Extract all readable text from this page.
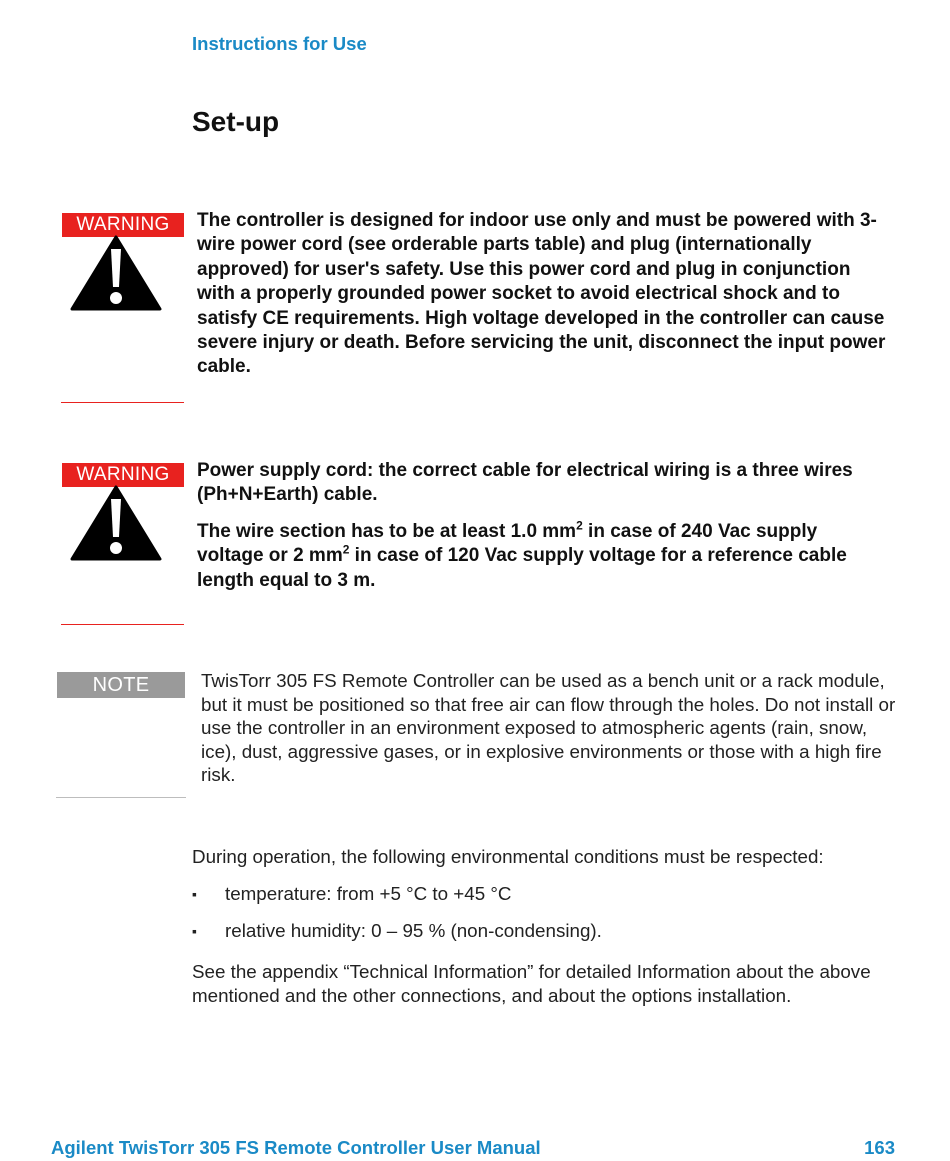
Instructions for Use
Set-up
WARNING	The controller is designed for indoor use only and must be powered with 3-wire power cord (see orderable parts table) and plug (internationally approved) for user's safety. Use this power cord and plug in conjunction with a properly grounded power socket to avoid electrical shock and to satisfy CE requirements. High voltage developed in the controller can cause severe injury or death. Before servicing the unit, disconnect the input power cable.

WARNING	Power supply cord: the correct cable for electrical wiring is a three wires (Ph+N+Earth) cable.

The wire section has to be at least 1.0 $mm^2$ in case of 240 Vac supply voltage or 2 $mm^2$ in case of 120 Vac supply voltage for a reference cable length equal to 3 m.

NOTE	TwisTorr 305 FS Remote Controller can be used as a bench unit or a rack module, but it must be positioned so that free air can flow through the holes. Do not install or use the controller in an environment exposed to atmospheric agents (rain, snow, ice), dust, aggressive gases, or in explosive environments or those with a high fire risk.
During operation, the following environmental conditions must be respected:
▪ temperature: from +5 °C to +45 °C
▪ relative humidity: 0 – 95 % (non-condensing).
See the appendix “Technical Information” for detailed Information about the above mentioned and the other connections, and about the options installation.
Agilent TwisTorr 305 FS Remote Controller User Manual	163
